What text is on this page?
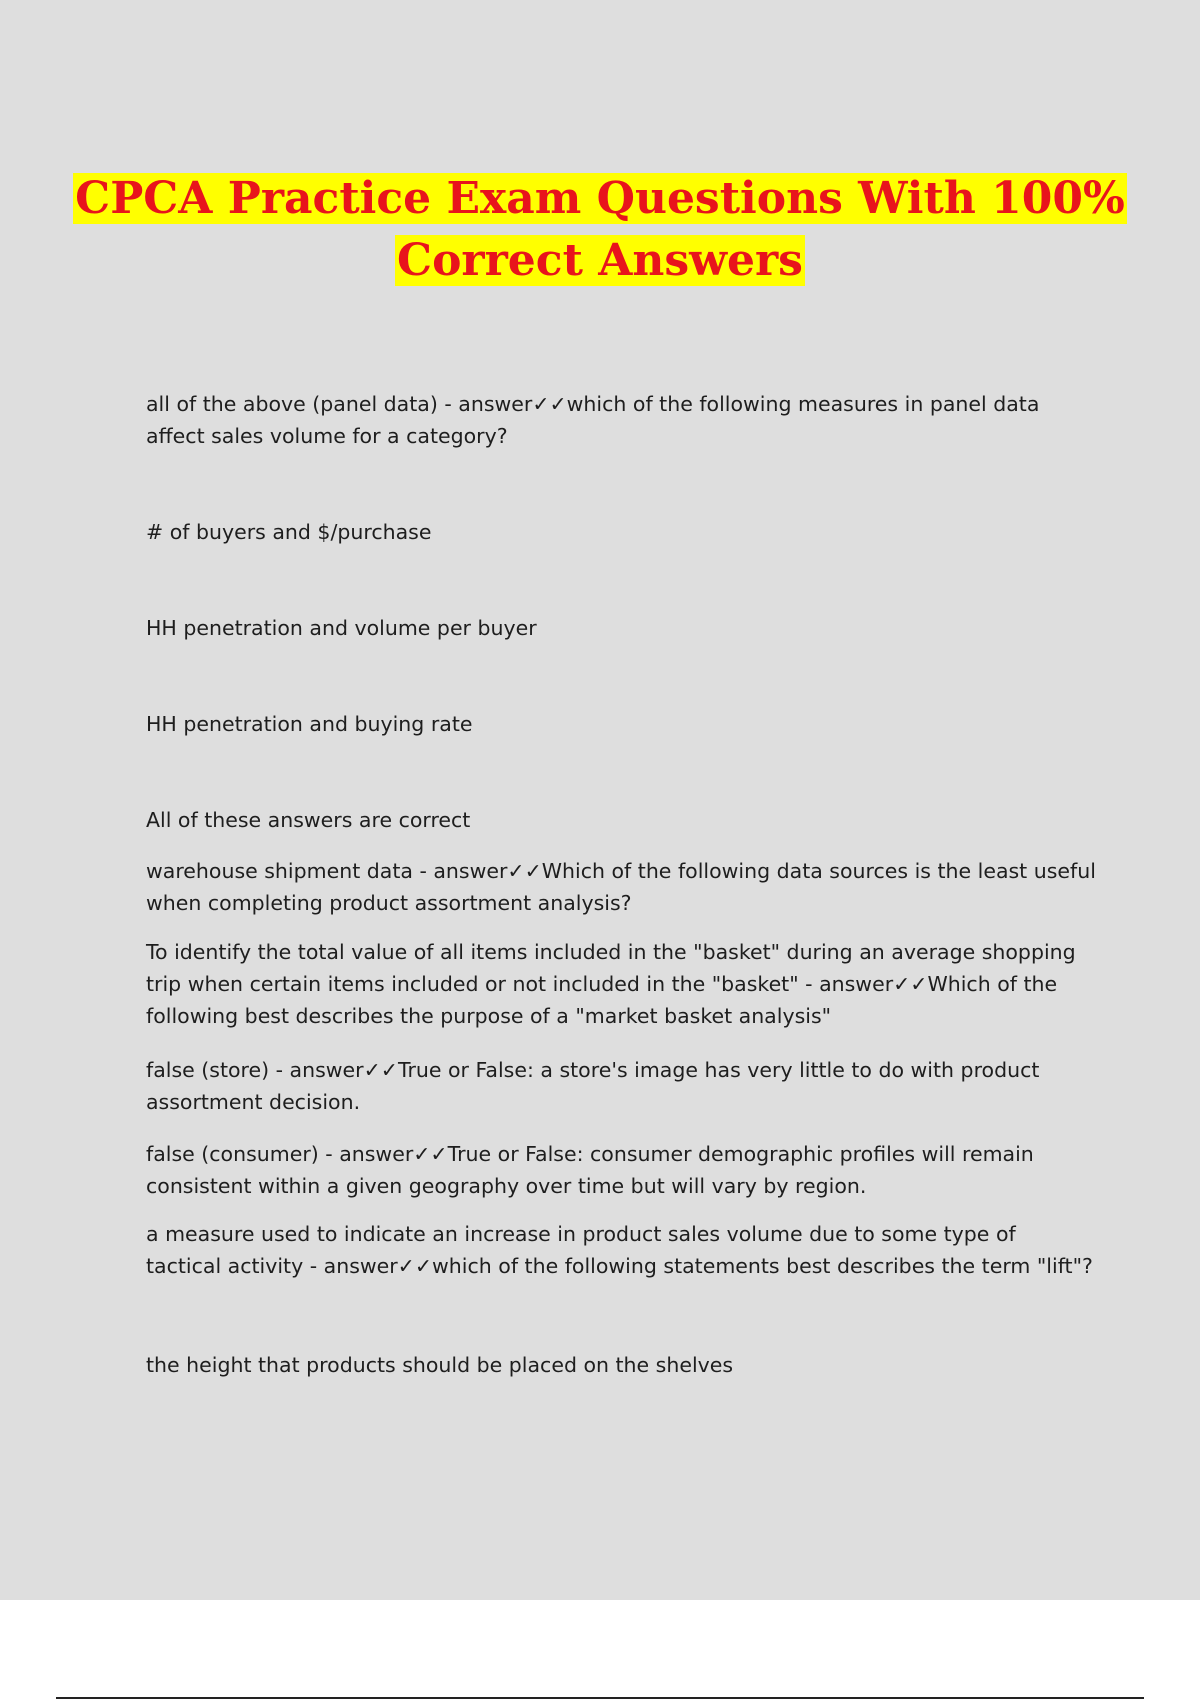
CPCA Practice Exam Questions With 100%
Correct Answers
all of the above (panel data) - answer✓✓which of the following measures in panel data affect sales volume for a category?
# of buyers and $/purchase
HH penetration and volume per buyer
HH penetration and buying rate
All of these answers are correct
warehouse shipment data - answer✓✓Which of the following data sources is the least useful when completing product assortment analysis?
To identify the total value of all items included in the "basket" during an average shopping trip when certain items included or not included in the "basket" - answer✓✓Which of the following best describes the purpose of a "market basket analysis"
false (store) - answer✓✓True or False: a store's image has very little to do with product assortment decision.
false (consumer) - answer✓✓True or False: consumer demographic profiles will remain consistent within a given geography over time but will vary by region.
a measure used to indicate an increase in product sales volume due to some type of tactical activity - answer✓✓which of the following statements best describes the term "lift"?
the height that products should be placed on the shelves
